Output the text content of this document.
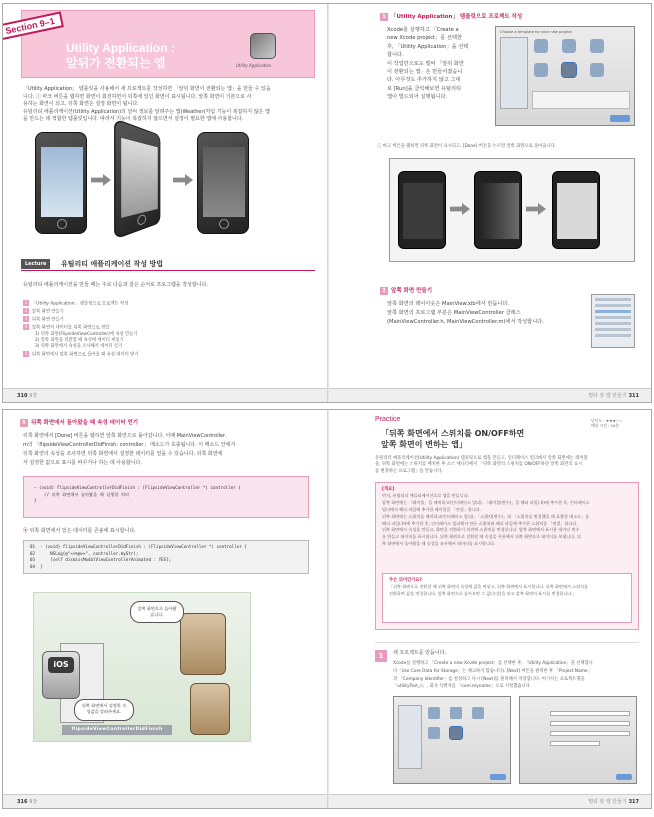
Utility Application :
앞뒤가 전환되는 앱	Utility Application
Section 9–1
「Utility Application」 템플릿을 사용해서 새 프로젝트를 작성하면 「앞뒤 화면이 전환되는 앱」을 만들 수 있습
니다. ⓘ 마크 버튼을 탭하면 화면이 회전하면서 뒤쪽에 있던 화면이 표시됩니다. 앞쪽 화면이 기본으로 사
용하는 화면이 되고, 뒤쪽 화면은 설정 화면이 됩니다.
유틸리티 애플리케이션(Utility Application)의 날씨 정보를 알려주는 앱(Weather)처럼 기능이 복잡하지 않은 앱
을 만드는 데 적합한 템플릿입니다. 따라서 기능이 복잡하지 않으면서 설정이 필요한 앱에 사용합니다.
Lecture	유틸리티 애플리케이션 작성 방법
유틸리티 애플리케이션을 만들 때는 주로 다음과 같은 순서로 프로그램을 작성합니다.
1 「Utility Application」 템플릿으로 프로젝트 작성
2 앞쪽 화면 만들기
3 뒤쪽 화면 만들기
4 앞쪽 화면의 데이터를 뒤쪽 화면으로 전달
1) 뒤쪽 화면(FlipsideViewController)에 속성 만들기
2) 앞쪽 화면을 전환할 때 속성에 데이터 써넣기
3) 뒤쪽 화면에서 속성을 조사해서 데이터 얻기
5 뒤쪽 화면에서 앞쪽 화면으로 돌아올 때 속성 데이터 받기
310 9장
1 「Utility Application」 템플릿으로 프로젝트 작성
Xcode를 실행하고 「Create a
new Xcode project」를 선택한
후, 「Utility Application」을 선택
합니다.
이 작업만으로도 벌써 「앞뒤 화면
이 전환되는 앱」은 만들어졌습니
다. 아무것도 추가하지 않고 그대
로 [Run]을 클릭해보면 유틸리티
앱이 빌드되어 실행됩니다.
Choose a template for your new project:
ⓘ 마크 버튼을 탭하면 뒤쪽 화면이 표시되고, [Done] 버튼을 누르면 앞쪽 화면으로 돌아옵니다.
2 앞쪽 화면 만들기
앞쪽 화면의 레이아웃은 MainView.xib에서 만듭니다.
앞쪽 화면의 프로그램 부분은 MainViewController 클래스
(MainViewController.h, MainViewController.m)에서 작성합니다.
멀티 뷰 앱 만들기 311
5 뒤쪽 화면에서 돌아왔을 때 속성 데이터 얻기
뒤쪽 화면에서 [Done] 버튼을 탭하면 앞쪽 화면으로 돌아갑니다. 이때 MainViewController.
m의 「flipsideViewControllerDidFinish: controller」 메소드가 호출됩니다. 이 메소드 안에서
뒤쪽 화면의 속성을 조사하면 뒤쪽 화면에서 설정한 데이터를 얻을 수 있습니다. 뒤쪽 화면에
서 설정한 값으로 표시를 바꾸거나 하는 데 사용합니다.
– (void) flipsideViewControllerDidFinish : (FlipsideViewController *) controller {
// 뒤쪽 화면에서 돌아왔을 때 실행할 처리
}
⦿ 뒤쪽 화면에서 얻은 데이터를 콘솔에 표시합니다.
01  - (void) flipsideViewControllerDidFinish : (FlipsideViewController *) controller {
02      NSLog(@"<<%@>>", controller.myStr);
03      [self dismissModalViewControllerAnimated : YES];
04  }
iOS
앞쪽 화면으로 돌아왔습니다.
뒤쪽 화면에서 설정한 속성값을 알려주세요.
flipsideViewControllerDidFinish
316 9장
Practice	난이도 : ★★★☆☆
예상 시간 : 10분
「뒤쪽 화면에서 스위치를 ON/OFF하면
앞쪽 화면이 변하는 앱」
유틸리티 애플리케이션(Utility Application) 템플릿으로 앱을 만들고, 인터페이스 빌더에서 앞쪽 화면에는 레이블
을, 뒤쪽 화면에는 스위치를 배치한 후 소스 에디터에서 「뒤쪽 화면의 스위치를 ON/OFF하면 앞쪽 화면의 표시
를 변경하는 프로그램」을 만듭니다.
[개요]
먼저, 유틸리티 애플리케이션으로 앱을 만듭니다.
앞쪽 화면에는 「레이블」을 배치하고(인터페이스 빌더), 「레이블(변수)」을 헤더 파일(.h)에 추가한 후, 인터페이스
빌더에서 헤더 파일에 추가한 레이블을 「연결」합니다.
뒤쪽 화면에는 스위치를 배치하고(인터페이스 빌더), 「스위치(변수)」와 「스위치를 변경했을 때 호출할 메소드」를
헤더 파일(.h)에 추가한 후, 인터페이스 빌더에서 만든 스위치와 헤더 파일에 추가한 스위치를 「연결」합니다.
뒤쪽 화면에서 속성을 만들고, 화면을 전환하기 직전에 스위치를 변경합니다. 앞쪽 화면에서 표시용 데이터 변수
를 만들고 데이터를 표시합니다. 뒤쪽 화면으로 전환할 때 속성을 사용해서 뒤쪽 화면으로 데이터를 보냅니다. 뒤
쪽 화면에서 돌아왔을 때 속성을 조사해서 데이터를 표시합니다.
무슨 의미인가요?
「뒤쪽 화면으로 전환할 때 뒤쪽 화면의 속성에 값을 써넣고, 뒤쪽 화면에서 표시합니다. 뒤쪽 화면에서 스위치를
전환하면 값을 변경합니다. 앞쪽 화면으로 돌아오면 그 값(속성)을 보고 앞쪽 화면의 표시를 변경합니다.」
1	새 프로젝트를 만듭니다.
Xcode를 실행하고 「Create a new Xcode project」를 선택한 후, 「Utility Application」을 선택합니
다「Use Core Data for Storage」는 체크하지 않습니다). [Next] 버튼을 클릭한 후 「Project Name」
과 「Company Identifier」를 설정하고 다시 [Next]를 클릭해서 저장합니다. 여기서는 프로젝트명을
「utilityTest_ii」, 회사 식별자를 「com.myname」으로 지정했습니다.
멀티 뷰 앱 만들기 317
